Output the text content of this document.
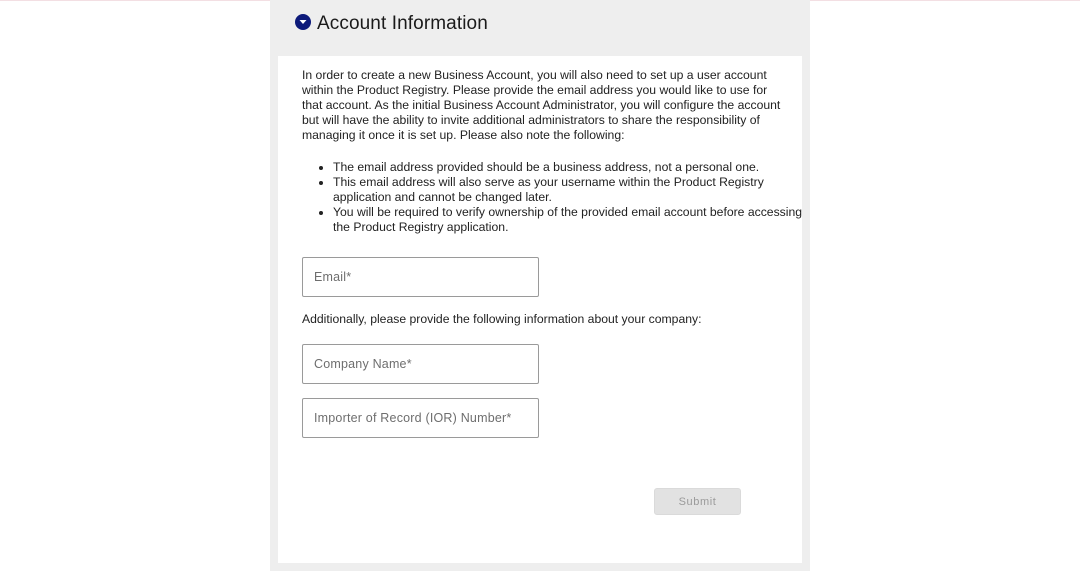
Account Information

In order to create a new Business Account, you will also need to set up a user account within the Product Registry. Please provide the email address you would like to use for that account. As the initial Business Account Administrator, you will configure the account but will have the ability to invite additional administrators to share the responsibility of managing it once it is set up. Please also note the following:

• The email address provided should be a business address, not a personal one.
• This email address will also serve as your username within the Product Registry application and cannot be changed later.
• You will be required to verify ownership of the provided email account before accessing the Product Registry application.
Email*

Additionally, please provide the following information about your company:

Company Name*
Importer of Record (IOR) Number*
Submit
